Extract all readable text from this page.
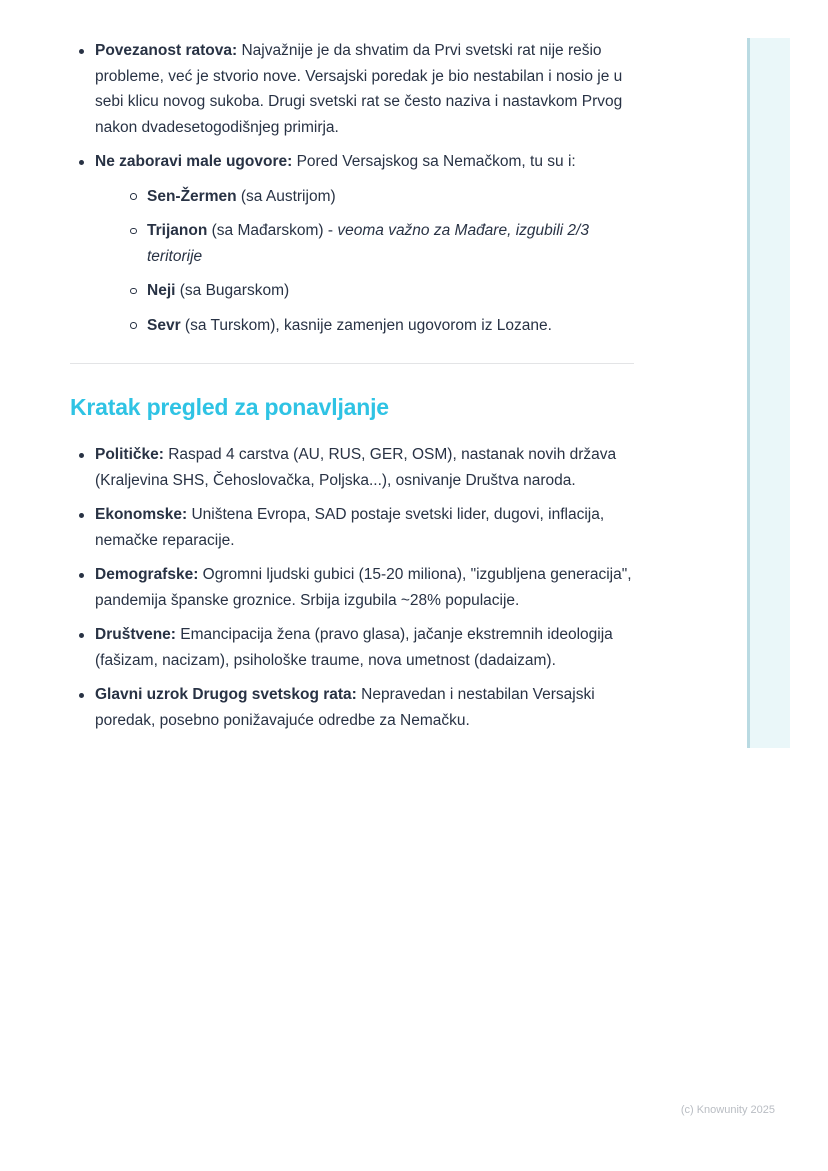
Povezanost ratova: Najvažnije je da shvatim da Prvi svetski rat nije rešio probleme, već je stvorio nove. Versajski poredak je bio nestabilan i nosio je u sebi klicu novog sukoba. Drugi svetski rat se često naziva i nastavkom Prvog nakon dvadesetogodišnjeg primirja.
Ne zaboravi male ugovore: Pored Versajskog sa Nemačkom, tu su i:
Sen-Žermen (sa Austrijom)
Trijanon (sa Mađarskom) - veoma važno za Mađare, izgubili 2/3 teritorije
Neji (sa Bugarskom)
Sevr (sa Turskom), kasnije zamenjen ugovorom iz Lozane.
Kratak pregled za ponavljanje
Političke: Raspad 4 carstva (AU, RUS, GER, OSM), nastanak novih država (Kraljevina SHS, Čehoslovačka, Poljska...), osnivanje Društva naroda.
Ekonomske: Uništena Evropa, SAD postaje svetski lider, dugovi, inflacija, nemačke reparacije.
Demografske: Ogromni ljudski gubici (15-20 miliona), "izgubljena generacija", pandemija španske groznice. Srbija izgubila ~28% populacije.
Društvene: Emancipacija žena (pravo glasa), jačanje ekstremnih ideologija (fašizam, nacizam), psihološke traume, nova umetnost (dadaizam).
Glavni uzrok Drugog svetskog rata: Nepravedan i nestabilan Versajski poredak, posebno ponižavajuće odredbe za Nemačku.
(c) Knowunity 2025
